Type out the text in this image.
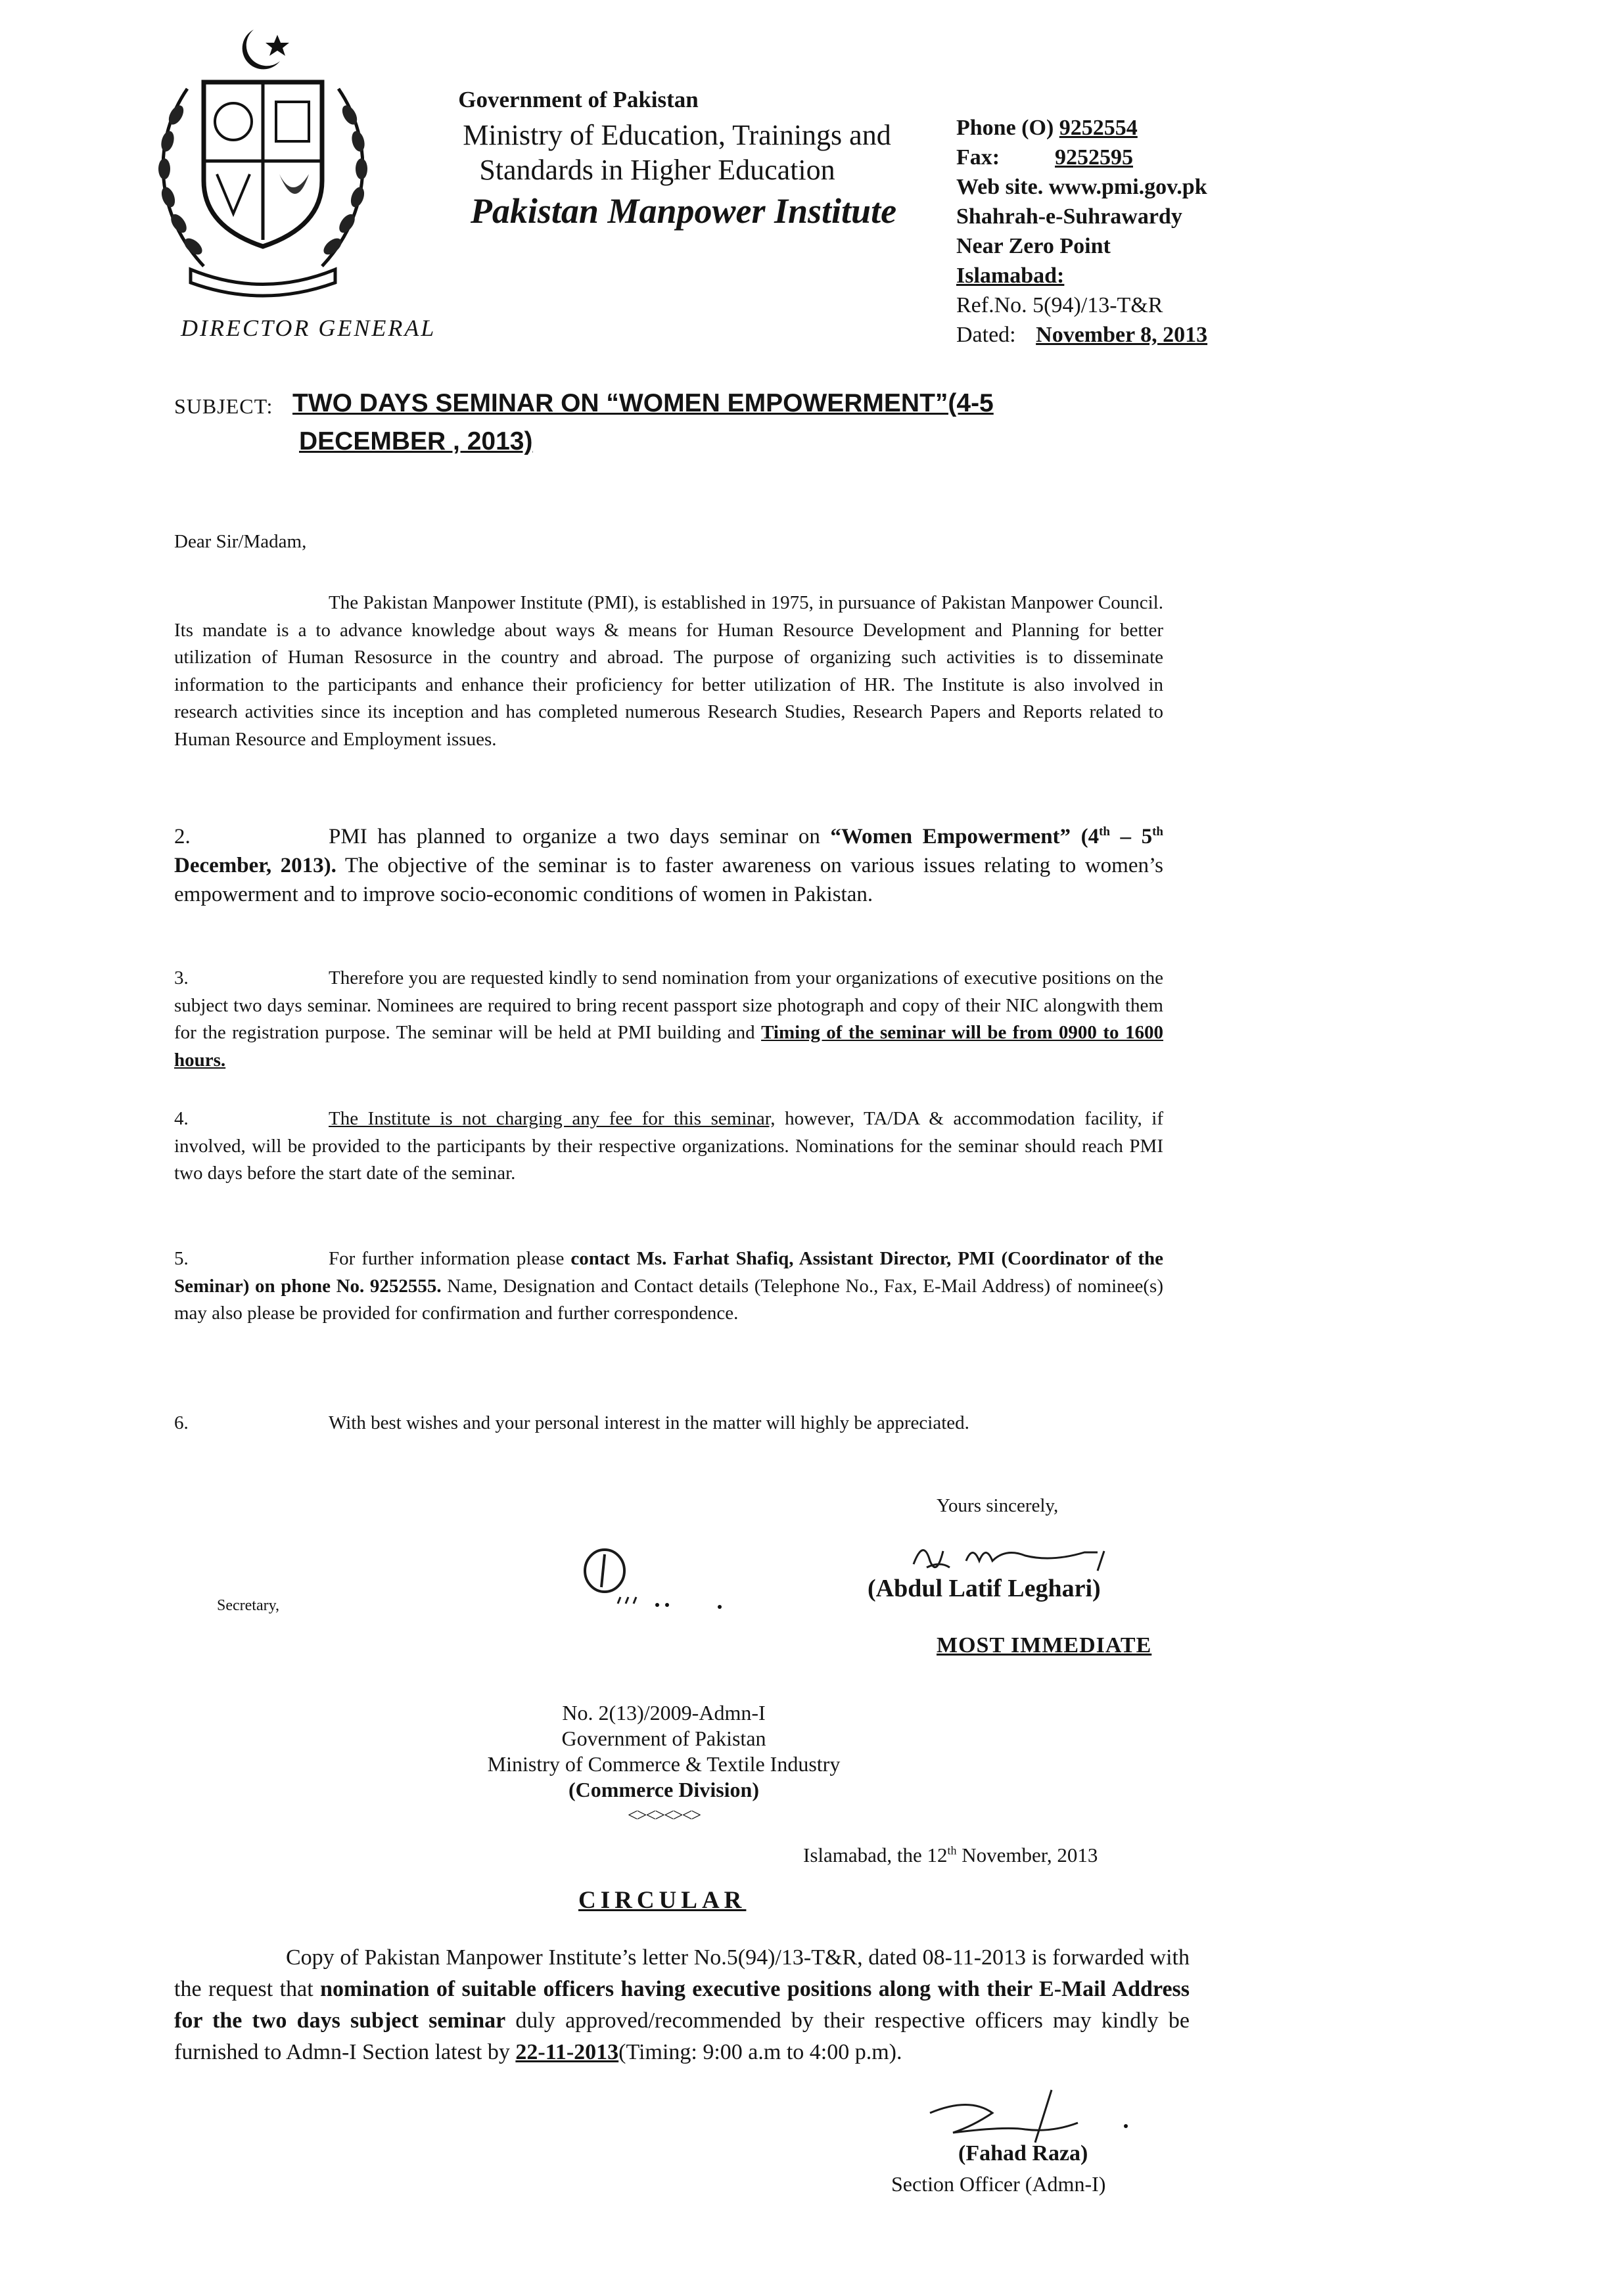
DIRECTOR GENERAL
Government of Pakistan
Ministry of Education, Trainings and
Standards in Higher Education
Pakistan Manpower Institute
Phone (O) 9252554
Fax: 9252595
Web site. www.pmi.gov.pk
Shahrah-e-Suhrawardy
Near Zero Point
Islamabad:
Ref.No. 5(94)/13-T&R
Dated: November 8, 2013
SUBJECT: TWO DAYS SEMINAR ON “WOMEN EMPOWERMENT”(4-5
DECEMBER , 2013)
Dear Sir/Madam,
The Pakistan Manpower Institute (PMI), is established in 1975, in pursuance of Pakistan Manpower Council. Its mandate is a to advance knowledge about ways & means for Human Resource Development and Planning for better utilization of Human Resosurce in the country and abroad. The purpose of organizing such activities is to disseminate information to the participants and enhance their proficiency for better utilization of HR. The Institute is also involved in research activities since its inception and has completed numerous Research Studies, Research Papers and Reports related to Human Resource and Employment issues.
2.	PMI has planned to organize a two days seminar on “Women Empowerment” (4th – 5th December, 2013). The objective of the seminar is to faster awareness on various issues relating to women’s empowerment and to improve socio-economic conditions of women in Pakistan.
3.	Therefore you are requested kindly to send nomination from your organizations of executive positions on the subject two days seminar. Nominees are required to bring recent passport size photograph and copy of their NIC alongwith them for the registration purpose. The seminar will be held at PMI building and Timing of the seminar will be from 0900 to 1600 hours.
4.	The Institute is not charging any fee for this seminar, however, TA/DA & accommodation facility, if involved, will be provided to the participants by their respective organizations. Nominations for the seminar should reach PMI two days before the start date of the seminar.
5.	For further information please contact Ms. Farhat Shafiq, Assistant Director, PMI (Coordinator of the Seminar) on phone No. 9252555. Name, Designation and Contact details (Telephone No., Fax, E-Mail Address) of nominee(s) may also please be provided for confirmation and further correspondence.
6.	With best wishes and your personal interest in the matter will highly be appreciated.
Yours sincerely,
(Abdul Latif Leghari)
Secretary,
MOST IMMEDIATE
No. 2(13)/2009-Admn-I
Government of Pakistan
Ministry of Commerce & Textile Industry
(Commerce Division)
<><><><>
Islamabad, the 12th November, 2013
CIRCULAR
Copy of Pakistan Manpower Institute’s letter No.5(94)/13-T&R, dated 08-11-2013 is forwarded with the request that nomination of suitable officers having executive positions along with their E-Mail Address for the two days subject seminar duly approved/recommended by their respective officers may kindly be furnished to Admn-I Section latest by 22-11-2013(Timing: 9:00 a.m to 4:00 p.m).
(Fahad Raza)
Section Officer (Admn-I)
